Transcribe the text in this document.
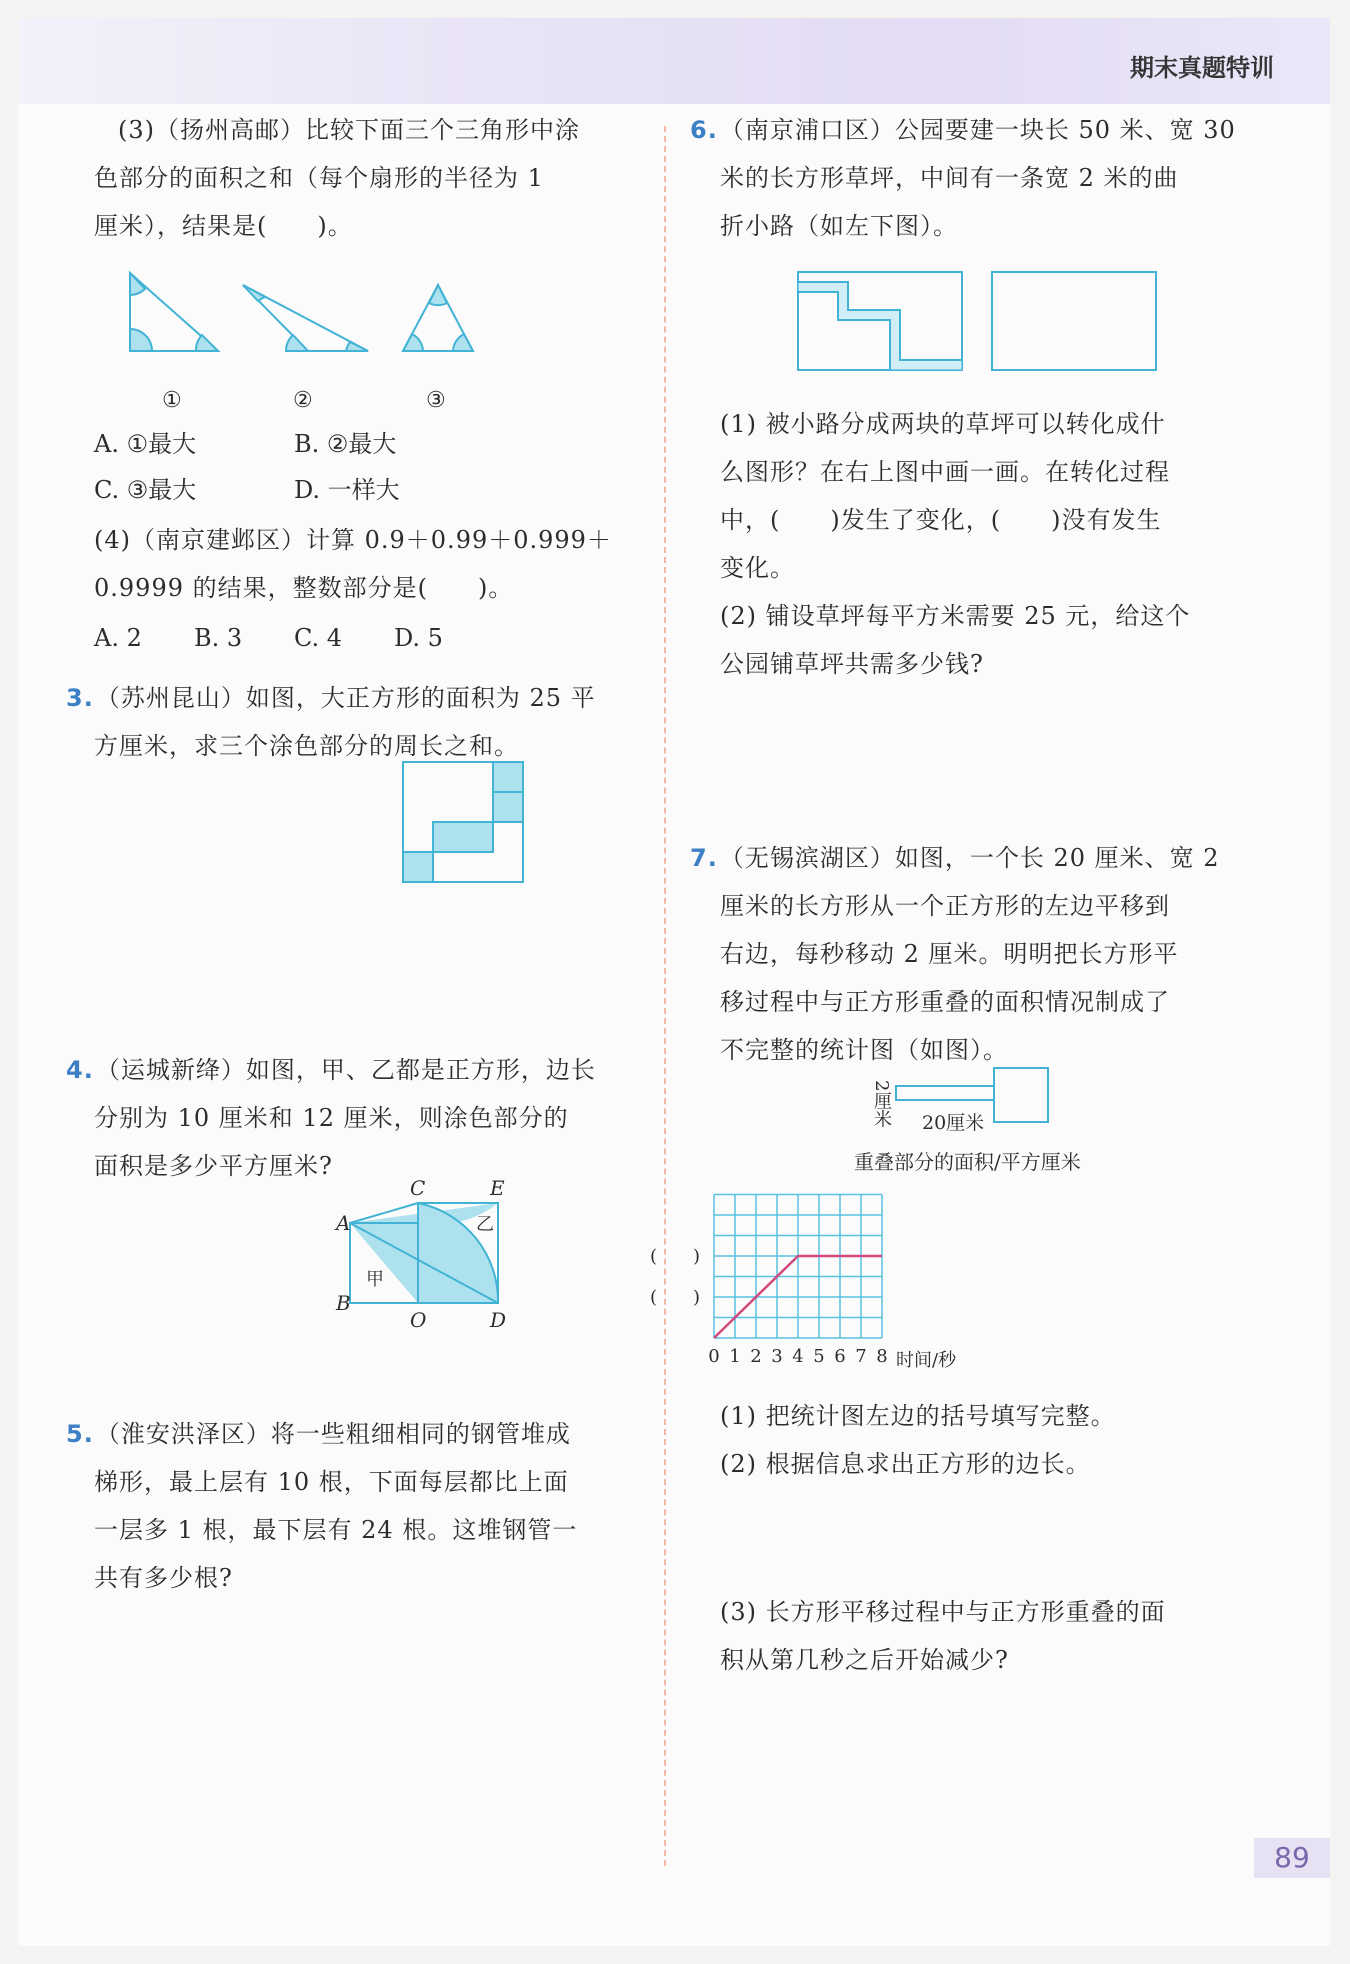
期末真题特训
(3)（扬州高邮）比较下面三个三角形中涂
色部分的面积之和（每个扇形的半径为 1
厘米），结果是(　　)。
①	②	③
A. ①最大	B. ②最大
C. ③最大	D. 一样大
(4)（南京建邺区）计算 0.9＋0.99＋0.999＋
0.9999 的结果，整数部分是(　　)。
A. 2 B. 3 C. 4 D. 5
3.（苏州昆山）如图，大正方形的面积为 25 平
方厘米，求三个涂色部分的周长之和。
4.（运城新绛）如图，甲、乙都是正方形，边长
分别为 10 厘米和 12 厘米，则涂色部分的
面积是多少平方厘米?
A
B
C	E
O	D
甲
乙
5.（淮安洪泽区）将一些粗细相同的钢管堆成
梯形，最上层有 10 根，下面每层都比上面
一层多 1 根，最下层有 24 根。这堆钢管一
共有多少根?
6.（南京浦口区）公园要建一块长 50 米、宽 30
米的长方形草坪，中间有一条宽 2 米的曲
折小路（如左下图）。
(1) 被小路分成两块的草坪可以转化成什
么图形？在右上图中画一画。在转化过程
中，(　　)发生了变化，(　　)没有发生
变化。
(2) 铺设草坪每平方米需要 25 元，给这个
公园铺草坪共需多少钱?
7.（无锡滨湖区）如图，一个长 20 厘米、宽 2
厘米的长方形从一个正方形的左边平移到
右边，每秒移动 2 厘米。明明把长方形平
移过程中与正方形重叠的面积情况制成了
不完整的统计图（如图）。
2厘米 20厘米
重叠部分的面积/平方厘米
0 1 2 3 4 5 6 7 8 时间/秒
(　　)
(　　)
(1) 把统计图左边的括号填写完整。
(2) 根据信息求出正方形的边长。
(3) 长方形平移过程中与正方形重叠的面
积从第几秒之后开始减少?
89
